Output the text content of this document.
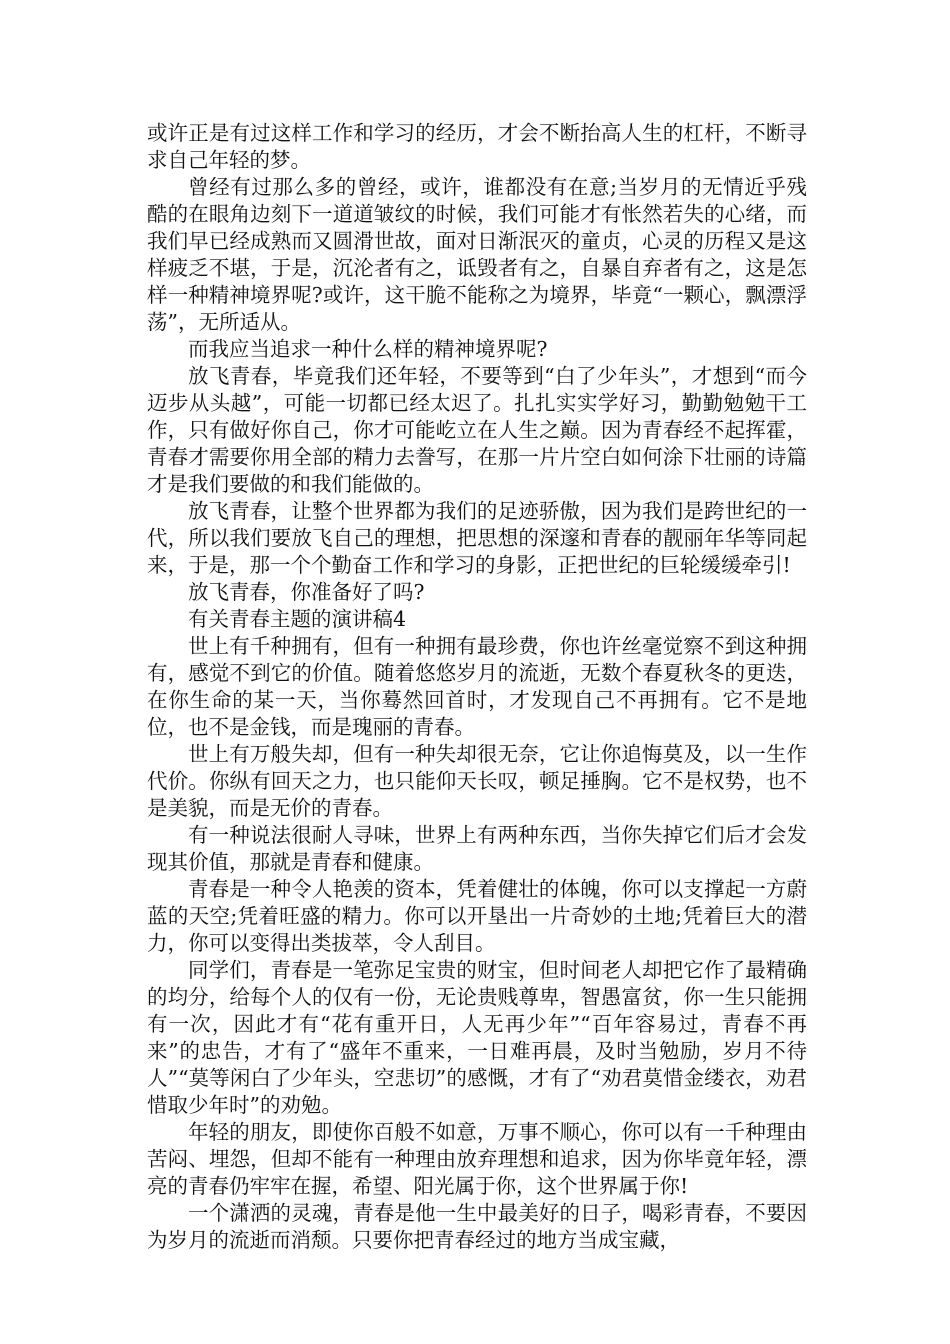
或许正是有过这样工作和学习的经历，才会不断抬高人生的杠杆，不断寻求自己年轻的梦。

曾经有过那么多的曾经，或许，谁都没有在意;当岁月的无情近乎残酷的在眼角边刻下一道道皱纹的时候，我们可能才有怅然若失的心绪，而我们早已经成熟而又圆滑世故，面对日渐泯灭的童贞，心灵的历程又是这样疲乏不堪，于是，沉沦者有之，诋毁者有之，自暴自弃者有之，这是怎样一种精神境界呢?或许，这干脆不能称之为境界，毕竟“一颗心，飘漂浮荡”，无所适从。

而我应当追求一种什么样的精神境界呢?

放飞青春，毕竟我们还年轻，不要等到“白了少年头”，才想到“而今迈步从头越”，可能一切都已经太迟了。扎扎实实学好习，勤勤勉勉干工作，只有做好你自己，你才可能屹立在人生之巅。因为青春经不起挥霍，青春才需要你用全部的精力去誊写，在那一片片空白如何涂下壮丽的诗篇才是我们要做的和我们能做的。

放飞青春，让整个世界都为我们的足迹骄傲，因为我们是跨世纪的一代，所以我们要放飞自己的理想，把思想的深邃和青春的靓丽年华等同起来，于是，那一个个勤奋工作和学习的身影，正把世纪的巨轮缓缓牵引!

放飞青春，你准备好了吗?

有关青春主题的演讲稿4

世上有千种拥有，但有一种拥有最珍费，你也许丝毫觉察不到这种拥有，感觉不到它的价值。随着悠悠岁月的流逝，无数个春夏秋冬的更迭，在你生命的某一天，当你蓦然回首时，才发现自己不再拥有。它不是地位，也不是金钱，而是瑰丽的青春。

世上有万般失却，但有一种失却很无奈，它让你追悔莫及，以一生作代价。你纵有回天之力，也只能仰天长叹，顿足捶胸。它不是权势，也不是美貌，而是无价的青春。

有一种说法很耐人寻味，世界上有两种东西，当你失掉它们后才会发现其价值，那就是青春和健康。

青春是一种令人艳羡的资本，凭着健壮的体魄，你可以支撑起一方蔚蓝的天空;凭着旺盛的精力。你可以开垦出一片奇妙的土地;凭着巨大的潜力，你可以变得出类拔萃，令人刮目。

同学们，青春是一笔弥足宝贵的财宝，但时间老人却把它作了最精确的均分，给每个人的仅有一份，无论贵贱尊卑，智愚富贫，你一生只能拥有一次，因此才有“花有重开日，人无再少年”“百年容易过，青春不再来”的忠告，才有了“盛年不重来，一日难再晨，及时当勉励，岁月不待人”“莫等闲白了少年头，空悲切”的感慨，才有了“劝君莫惜金缕衣，劝君惜取少年时”的劝勉。

年轻的朋友，即使你百般不如意，万事不顺心，你可以有一千种理由苦闷、埋怨，但却不能有一种理由放弃理想和追求，因为你毕竟年轻，漂亮的青春仍牢牢在握，希望、阳光属于你，这个世界属于你!

一个潇洒的灵魂，青春是他一生中最美好的日子，喝彩青春，不要因为岁月的流逝而消颓。只要你把青春经过的地方当成宝藏，
